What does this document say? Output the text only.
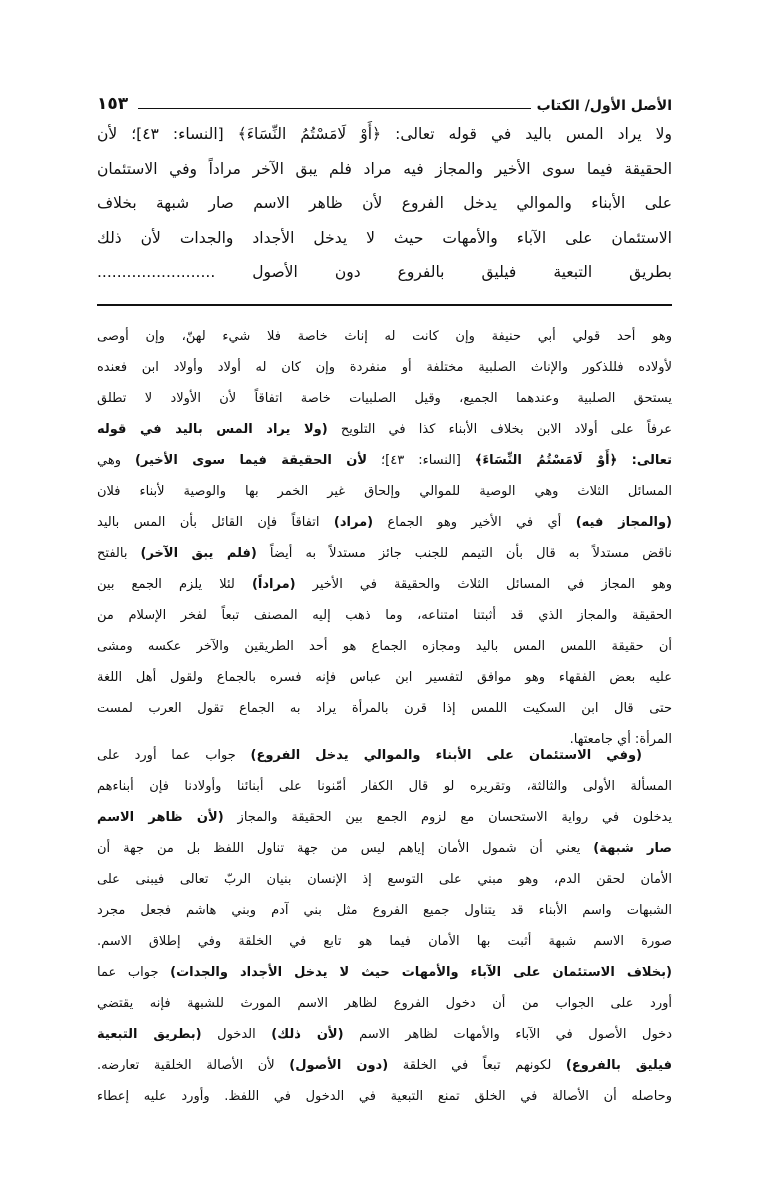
الأصل الأول/ الكتاب
١٥٣
ولا يراد المس باليد في قوله تعالى: ﴿أَوْ لَامَسْتُمُ النِّسَاءَ﴾ [النساء: ٤٣]؛ لأن
الحقيقة فيما سوى الأخير والمجاز فيه مراد فلم يبق الآخر مراداً وفي الاستئمان
على الأبناء والموالي يدخل الفروع لأن ظاهر الاسم صار شبهة بخلاف
الاستئمان على الآباء والأمهات حيث لا يدخل الأجداد والجدات لأن ذلك
بطريق التبعية فيليق بالفروع دون الأصول ........................
وهو أحد قولي أبي حنيفة وإن كانت له إناث خاصة فلا شيء لهنّ، وإن أوصى
لأولاده فللذكور والإناث الصلبية مختلفة أو منفردة وإن كان له أولاد وأولاد ابن فعنده
يستحق الصلبية وعندهما الجميع، وقيل الصلبيات خاصة اتفاقاً لأن الأولاد لا تطلق
عرفاً على أولاد الابن بخلاف الأبناء كذا في التلويح (ولا يراد المس باليد في قوله
تعالى: ﴿أَوْ لَامَسْتُمُ النِّسَاءَ﴾ [النساء: ٤٣]؛ لأن الحقيقة فيما سوى الأخير) وهي
المسائل الثلاث وهي الوصية للموالي وإلحاق غير الخمر بها والوصية لأبناء فلان
(والمجاز فيه) أي في الأخير وهو الجماع (مراد) اتفاقاً فإن القائل بأن المس باليد
ناقض مستدلاً به قال بأن التيمم للجنب جائز مستدلاً به أيضاً (فلم يبق الآخر) بالفتح
وهو المجاز في المسائل الثلاث والحقيقة في الأخير (مراداً) لئلا يلزم الجمع بين
الحقيقة والمجاز الذي قد أثبتنا امتناعه، وما ذهب إليه المصنف تبعاً لفخر الإسلام من
أن حقيقة اللمس المس باليد ومجازه الجماع هو أحد الطريقين والآخر عكسه ومشى
عليه بعض الفقهاء وهو موافق لتفسير ابن عباس فإنه فسره بالجماع ولقول أهل اللغة
حتى قال ابن السكيت اللمس إذا قرن بالمرأة يراد به الجماع تقول العرب لمست
المرأة: أي جامعتها.
(وفي الاستئمان على الأبناء والموالي يدخل الفروع) جواب عما أورد على
المسألة الأولى والثالثة، وتقريره لو قال الكفار أمّنونا على أبنائنا وأولادنا فإن أبناءهم
يدخلون في رواية الاستحسان مع لزوم الجمع بين الحقيقة والمجاز (لأن ظاهر الاسم
صار شبهة) يعني أن شمول الأمان إياهم ليس من جهة تناول اللفظ بل من جهة أن
الأمان لحقن الدم، وهو مبني على التوسع إذ الإنسان بنيان الربّ تعالى فيبنى على
الشبهات واسم الأبناء قد يتناول جميع الفروع مثل بني آدم وبني هاشم فجعل مجرد
صورة الاسم شبهة أثبت بها الأمان فيما هو تابع في الخلقة وفي إطلاق الاسم.
(بخلاف الاستئمان على الآباء والأمهات حيث لا يدخل الأجداد والجدات) جواب عما
أورد على الجواب من أن دخول الفروع لظاهر الاسم المورث للشبهة فإنه يقتضي
دخول الأصول في الآباء والأمهات لظاهر الاسم (لأن ذلك) الدخول (بطريق التبعية
فيليق بالفروع) لكونهم تبعاً في الخلقة (دون الأصول) لأن الأصالة الخلقية تعارضه.
وحاصله أن الأصالة في الخلق تمنع التبعية في الدخول في اللفظ. وأورد عليه إعطاء
